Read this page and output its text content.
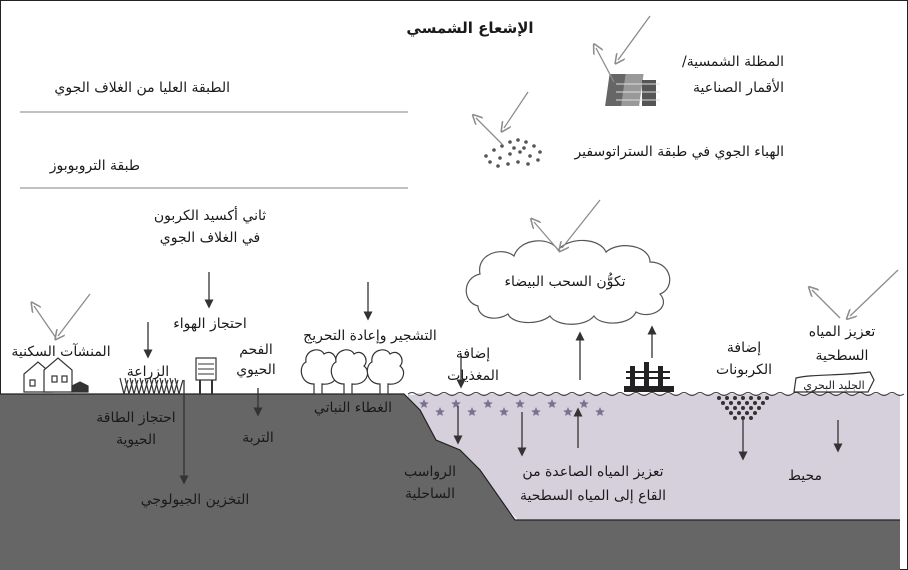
الإشعاع الشمسي
الطبقة العليا من الغلاف الجوي
طبقة التروبوبوز
المظلة الشمسية/
الأقمار الصناعية
الهباء الجوي في طبقة الستراتوسفير
ثاني أكسيد الكربون
في الغلاف الجوي
تكوُّن السحب البيضاء
تعزيز المياه
السطحية
الجليد البحري
احتجاز الهواء
التشجير وإعادة التحريج
الفحم
الحيوي
الزراعة
المنشآت السكنية
احتجاز الطاقة
الحيوية	التربة
الغطاء النباتي
التخزين الجيولوجي
إضافة
المغذيات
الرواسب
الساحلية
تعزيز المياه الصاعدة من
القاع إلى المياه السطحية
إضافة
الكربونات
محيط
